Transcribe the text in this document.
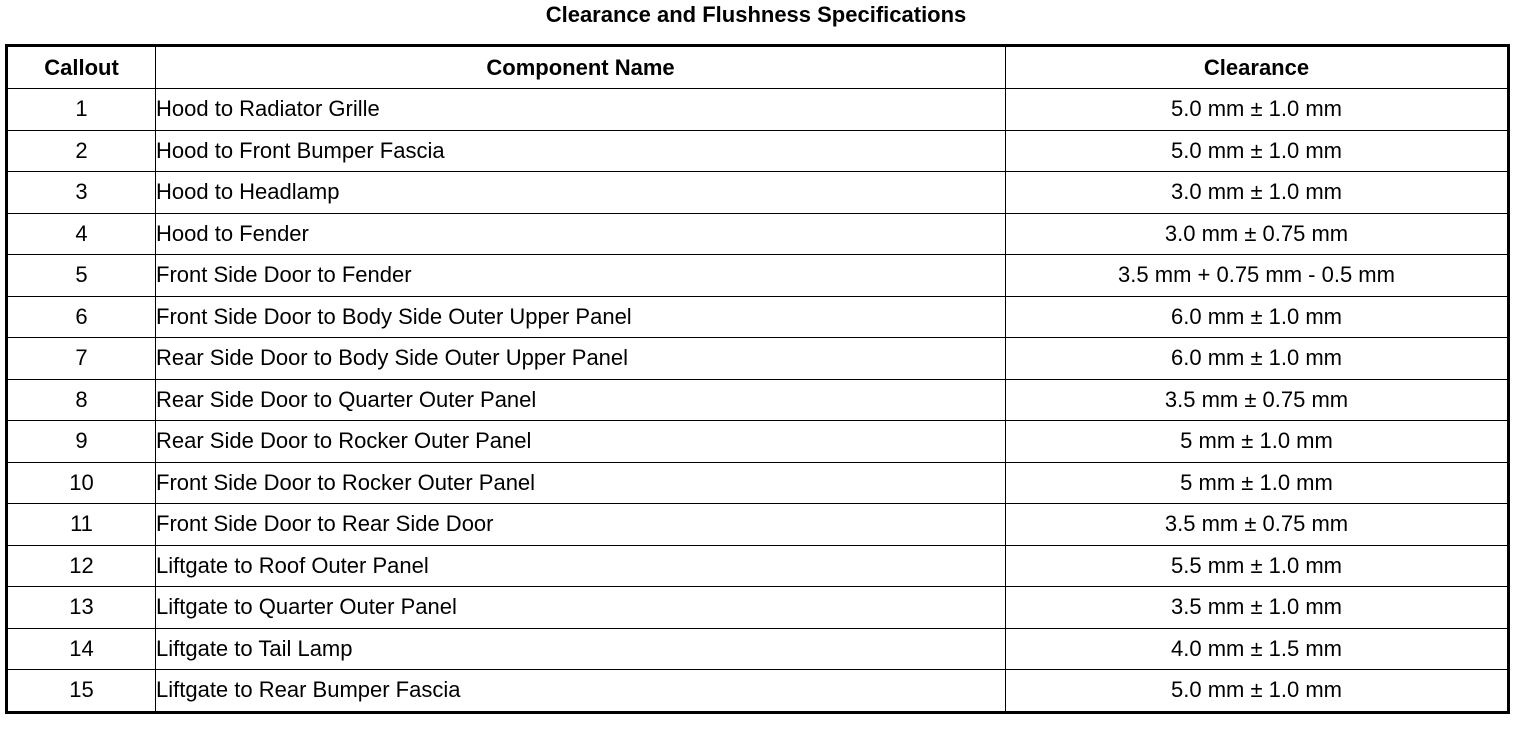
Clearance and Flushness Specifications
Callout	Component Name	Clearance
1	Hood to Radiator Grille	5.0 mm ± 1.0 mm
2	Hood to Front Bumper Fascia	5.0 mm ± 1.0 mm
3	Hood to Headlamp	3.0 mm ± 1.0 mm
4	Hood to Fender	3.0 mm ± 0.75 mm
5	Front Side Door to Fender	3.5 mm + 0.75 mm - 0.5 mm
6	Front Side Door to Body Side Outer Upper Panel	6.0 mm ± 1.0 mm
7	Rear Side Door to Body Side Outer Upper Panel	6.0 mm ± 1.0 mm
8	Rear Side Door to Quarter Outer Panel	3.5 mm ± 0.75 mm
9	Rear Side Door to Rocker Outer Panel	5 mm ± 1.0 mm
10	Front Side Door to Rocker Outer Panel	5 mm ± 1.0 mm
11	Front Side Door to Rear Side Door	3.5 mm ± 0.75 mm
12	Liftgate to Roof Outer Panel	5.5 mm ± 1.0 mm
13	Liftgate to Quarter Outer Panel	3.5 mm ± 1.0 mm
14	Liftgate to Tail Lamp	4.0 mm ± 1.5 mm
15	Liftgate to Rear Bumper Fascia	5.0 mm ± 1.0 mm
